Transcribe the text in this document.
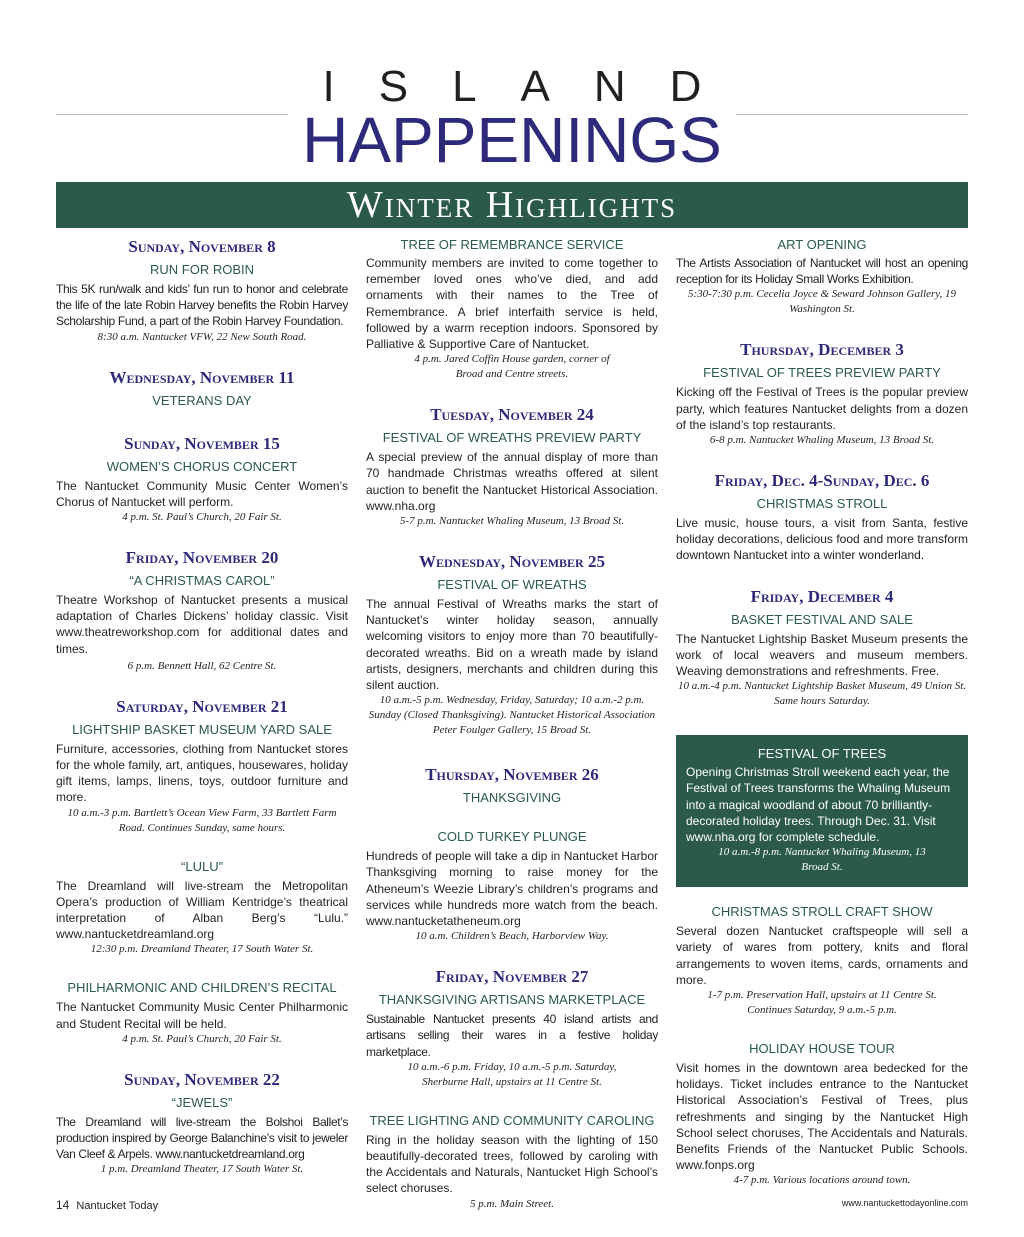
ISLAND
HAPPENINGS
Winter Highlights
Sunday, November 8
RUN FOR ROBIN
This 5K run/walk and kids’ fun run to honor and celebrate the life of the late Robin Harvey benefits the Robin Harvey Scholarship Fund, a part of the Robin Harvey Foundation.
8:30 a.m. Nantucket VFW, 22 New South Road.
Wednesday, November 11
VETERANS DAY
Sunday, November 15
WOMEN’S CHORUS CONCERT
The Nantucket Community Music Center Women’s Chorus of Nantucket will perform.
4 p.m. St. Paul’s Church, 20 Fair St.
Friday, November 20
“A CHRISTMAS CAROL”
Theatre Workshop of Nantucket presents a musical adaptation of Charles Dickens’ holiday classic. Visit www.theatreworkshop.com for additional dates and times.
6 p.m. Bennett Hall, 62 Centre St.
Saturday, November 21
LIGHTSHIP BASKET MUSEUM YARD SALE
Furniture, accessories, clothing from Nantucket stores for the whole family, art, antiques, housewares, holiday gift items, lamps, linens, toys, outdoor furniture and more.
10 a.m.-3 p.m. Bartlett’s Ocean View Farm, 33 Bartlett Farm Road. Continues Sunday, same hours.
“LULU”
The Dreamland will live-stream the Metropolitan Opera’s production of William Kentridge’s theatrical interpretation of Alban Berg’s “Lulu.” www.nantucketdreamland.org
12:30 p.m. Dreamland Theater, 17 South Water St.
PHILHARMONIC AND CHILDREN’S RECITAL
The Nantucket Community Music Center Philharmonic and Student Recital will be held.
4 p.m. St. Paul’s Church, 20 Fair St.
Sunday, November 22
“JEWELS”
The Dreamland will live-stream the Bolshoi Ballet’s production inspired by George Balanchine’s visit to jeweler Van Cleef & Arpels. www.nantucketdreamland.org
1 p.m. Dreamland Theater, 17 South Water St.
TREE OF REMEMBRANCE SERVICE
Community members are invited to come together to remember loved ones who’ve died, and add ornaments with their names to the Tree of Remembrance. A brief interfaith service is held, followed by a warm reception indoors. Sponsored by Palliative & Supportive Care of Nantucket.
4 p.m. Jared Coffin House garden, corner of Broad and Centre streets.
Tuesday, November 24
FESTIVAL OF WREATHS PREVIEW PARTY
A special preview of the annual display of more than 70 handmade Christmas wreaths offered at silent auction to benefit the Nantucket Historical Association. www.nha.org
5-7 p.m. Nantucket Whaling Museum, 13 Broad St.
Wednesday, November 25
FESTIVAL OF WREATHS
The annual Festival of Wreaths marks the start of Nantucket’s winter holiday season, annually welcoming visitors to enjoy more than 70 beautifully-decorated wreaths. Bid on a wreath made by island artists, designers, merchants and children during this silent auction.
10 a.m.-5 p.m. Wednesday, Friday, Saturday; 10 a.m.-2 p.m. Sunday (Closed Thanksgiving). Nantucket Historical Association Peter Foulger Gallery, 15 Broad St.
Thursday, November 26
THANKSGIVING
COLD TURKEY PLUNGE
Hundreds of people will take a dip in Nantucket Harbor Thanksgiving morning to raise money for the Atheneum’s Weezie Library’s children’s programs and services while hundreds more watch from the beach. www.nantucketatheneum.org
10 a.m. Children’s Beach, Harborview Way.
Friday, November 27
THANKSGIVING ARTISANS MARKETPLACE
Sustainable Nantucket presents 40 island artists and artisans selling their wares in a festive holiday marketplace.
10 a.m.-6 p.m. Friday, 10 a.m.-5 p.m. Saturday, Sherburne Hall, upstairs at 11 Centre St.
TREE LIGHTING AND COMMUNITY CAROLING
Ring in the holiday season with the lighting of 150 beautifully-decorated trees, followed by caroling with the Accidentals and Naturals, Nantucket High School’s select choruses.
5 p.m. Main Street.
ART OPENING
The Artists Association of Nantucket will host an opening reception for its Holiday Small Works Exhibition.
5:30-7:30 p.m. Cecelia Joyce & Seward Johnson Gallery, 19 Washington St.
Thursday, December 3
FESTIVAL OF TREES PREVIEW PARTY
Kicking off the Festival of Trees is the popular preview party, which features Nantucket delights from a dozen of the island’s top restaurants.
6-8 p.m. Nantucket Whaling Museum, 13 Broad St.
Friday, Dec. 4-Sunday, Dec. 6
CHRISTMAS STROLL
Live music, house tours, a visit from Santa, festive holiday decorations, delicious food and more transform downtown Nantucket into a winter wonderland.
Friday, December 4
BASKET FESTIVAL AND SALE
The Nantucket Lightship Basket Museum presents the work of local weavers and museum members. Weaving demonstrations and refreshments. Free.
10 a.m.-4 p.m. Nantucket Lightship Basket Museum, 49 Union St. Same hours Saturday.
FESTIVAL OF TREES
Opening Christmas Stroll weekend each year, the Festival of Trees transforms the Whaling Museum into a magical woodland of about 70 brilliantly-decorated holiday trees. Through Dec. 31. Visit www.nha.org for complete schedule.
10 a.m.-8 p.m. Nantucket Whaling Museum, 13 Broad St.
CHRISTMAS STROLL CRAFT SHOW
Several dozen Nantucket craftspeople will sell a variety of wares from pottery, knits and floral arrangements to woven items, cards, ornaments and more.
1-7 p.m. Preservation Hall, upstairs at 11 Centre St. Continues Saturday, 9 a.m.-5 p.m.
HOLIDAY HOUSE TOUR
Visit homes in the downtown area bedecked for the holidays. Ticket includes entrance to the Nantucket Historical Association’s Festival of Trees, plus refreshments and singing by the Nantucket High School select choruses, The Accidentals and Naturals. Benefits Friends of the Nantucket Public Schools. www.fonps.org
4-7 p.m. Various locations around town.
14 Nantucket Today	www.nantuckettodayonline.com
